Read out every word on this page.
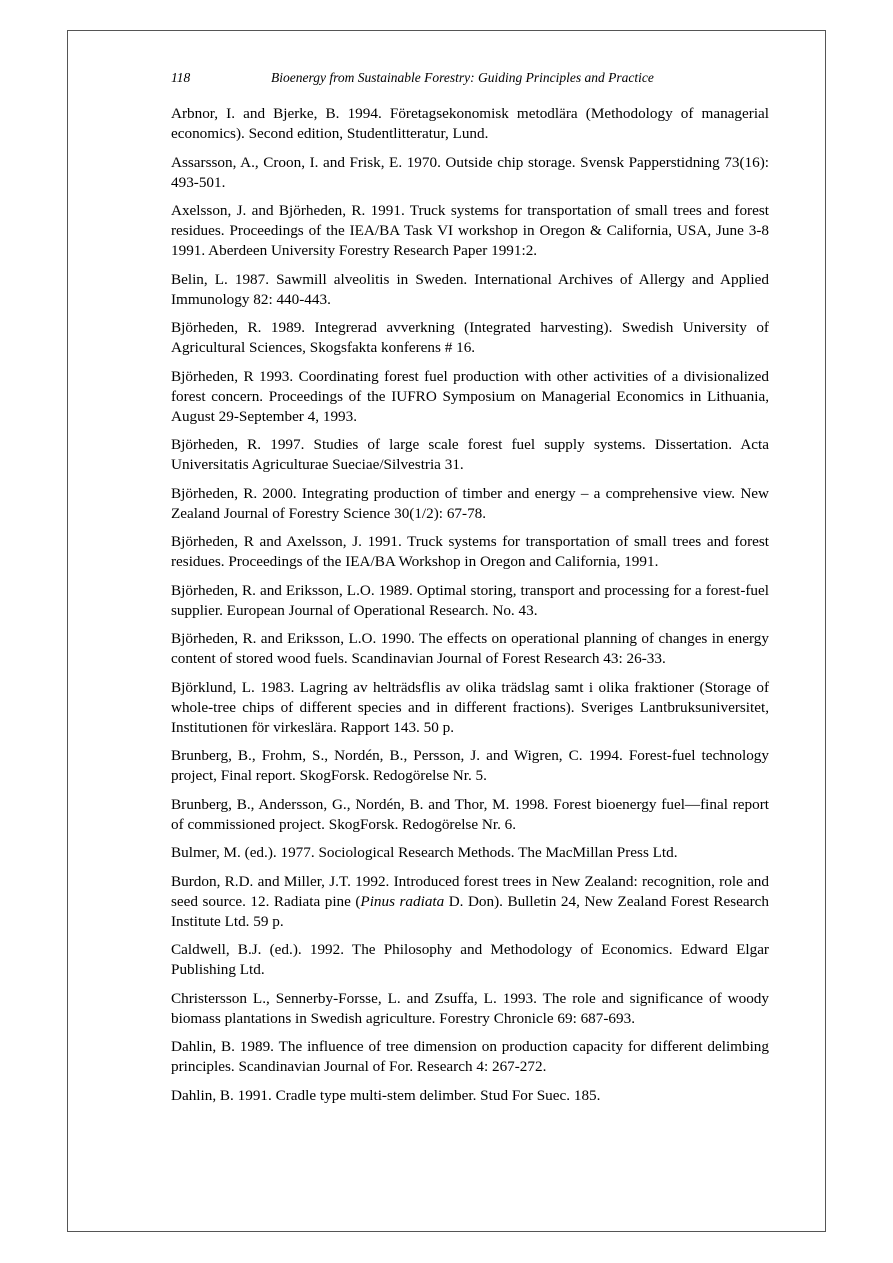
118	Bioenergy from Sustainable Forestry: Guiding Principles and Practice
Arbnor, I. and Bjerke, B. 1994. Företagsekonomisk metodlära (Methodology of managerial economics). Second edition, Studentlitteratur, Lund.
Assarsson, A., Croon, I. and Frisk, E. 1970. Outside chip storage. Svensk Papperstidning 73(16): 493-501.
Axelsson, J. and Björheden, R. 1991. Truck systems for transportation of small trees and forest residues. Proceedings of the IEA/BA Task VI workshop in Oregon & California, USA, June 3-8 1991. Aberdeen University Forestry Research Paper 1991:2.
Belin, L. 1987. Sawmill alveolitis in Sweden. International Archives of Allergy and Applied Immunology 82: 440-443.
Björheden, R. 1989. Integrerad avverkning (Integrated harvesting). Swedish University of Agricultural Sciences, Skogsfakta konferens # 16.
Björheden, R 1993. Coordinating forest fuel production with other activities of a divisionalized forest concern. Proceedings of the IUFRO Symposium on Managerial Economics in Lithuania, August 29-September 4, 1993.
Björheden, R. 1997. Studies of large scale forest fuel supply systems. Dissertation. Acta Universitatis Agriculturae Sueciae/Silvestria 31.
Björheden, R. 2000. Integrating production of timber and energy – a comprehensive view. New Zealand Journal of Forestry Science 30(1/2): 67-78.
Björheden, R and Axelsson, J. 1991. Truck systems for transportation of small trees and forest residues. Proceedings of the IEA/BA Workshop in Oregon and California, 1991.
Björheden, R. and Eriksson, L.O. 1989. Optimal storing, transport and processing for a forest-fuel supplier. European Journal of Operational Research. No. 43.
Björheden, R. and Eriksson, L.O. 1990. The effects on operational planning of changes in energy content of stored wood fuels. Scandinavian Journal of Forest Research 43: 26-33.
Björklund, L. 1983. Lagring av helträdsflis av olika trädslag samt i olika fraktioner (Storage of whole-tree chips of different species and in different fractions). Sveriges Lantbruksuniversitet, Institutionen för virkeslära. Rapport 143. 50 p.
Brunberg, B., Frohm, S., Nordén, B., Persson, J. and Wigren, C. 1994. Forest-fuel technology project, Final report. SkogForsk. Redogörelse Nr. 5.
Brunberg, B., Andersson, G., Nordén, B. and Thor, M. 1998. Forest bioenergy fuel—final report of commissioned project. SkogForsk. Redogörelse Nr. 6.
Bulmer, M. (ed.). 1977. Sociological Research Methods. The MacMillan Press Ltd.
Burdon, R.D. and Miller, J.T. 1992. Introduced forest trees in New Zealand: recognition, role and seed source. 12. Radiata pine (Pinus radiata D. Don). Bulletin 24, New Zealand Forest Research Institute Ltd. 59 p.
Caldwell, B.J. (ed.). 1992. The Philosophy and Methodology of Economics. Edward Elgar Publishing Ltd.
Christersson L., Sennerby-Forsse, L. and Zsuffa, L. 1993. The role and significance of woody biomass plantations in Swedish agriculture. Forestry Chronicle 69: 687-693.
Dahlin, B. 1989. The influence of tree dimension on production capacity for different delimbing principles. Scandinavian Journal of For. Research 4: 267-272.
Dahlin, B. 1991. Cradle type multi-stem delimber. Stud For Suec. 185.
